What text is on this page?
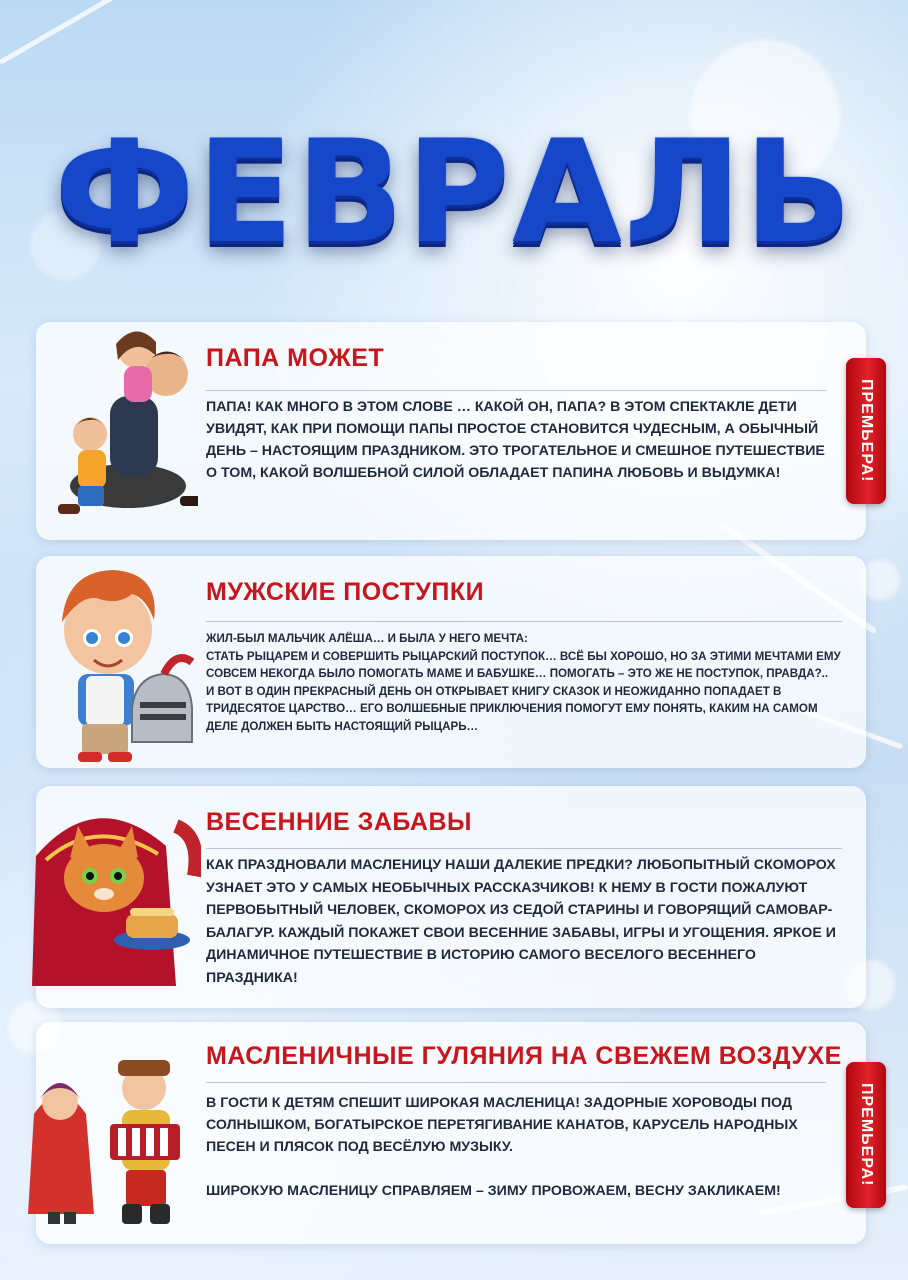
ФЕВРАЛЬ
ПАПА МОЖЕТ
ПАПА! КАК МНОГО В ЭТОМ СЛОВЕ … КАКОЙ ОН, ПАПА? В ЭТОМ СПЕКТАКЛЕ ДЕТИ УВИДЯТ, КАК ПРИ ПОМОЩИ ПАПЫ ПРОСТОЕ СТАНОВИТСЯ ЧУДЕСНЫМ, А ОБЫЧНЫЙ ДЕНЬ – НАСТОЯЩИМ ПРАЗДНИКОМ. ЭТО ТРОГАТЕЛЬНОЕ И СМЕШНОЕ ПУТЕШЕСТВИЕ О ТОМ, КАКОЙ ВОЛШЕБНОЙ СИЛОЙ ОБЛАДАЕТ ПАПИНА ЛЮБОВЬ И ВЫДУМКА!	ПРЕМЬЕРА!
МУЖСКИЕ ПОСТУПКИ
ЖИЛ-БЫЛ МАЛЬЧИК АЛЁША… И БЫЛА У НЕГО МЕЧТА:
СТАТЬ РЫЦАРЕМ И СОВЕРШИТЬ РЫЦАРСКИЙ ПОСТУПОК… ВСЁ БЫ ХОРОШО, НО ЗА ЭТИМИ МЕЧТАМИ ЕМУ СОВСЕМ НЕКОГДА БЫЛО ПОМОГАТЬ МАМЕ И БАБУШКЕ… ПОМОГАТЬ – ЭТО ЖЕ НЕ ПОСТУПОК, ПРАВДА?..
И ВОТ В ОДИН ПРЕКРАСНЫЙ ДЕНЬ ОН ОТКРЫВАЕТ КНИГУ СКАЗОК И НЕОЖИДАННО ПОПАДАЕТ В ТРИДЕСЯТОЕ ЦАРСТВО… ЕГО ВОЛШЕБНЫЕ ПРИКЛЮЧЕНИЯ ПОМОГУТ ЕМУ ПОНЯТЬ, КАКИМ НА САМОМ ДЕЛЕ ДОЛЖЕН БЫТЬ НАСТОЯЩИЙ РЫЦАРЬ…
ВЕСЕННИЕ ЗАБАВЫ
КАК ПРАЗДНОВАЛИ МАСЛЕНИЦУ НАШИ ДАЛЕКИЕ ПРЕДКИ? ЛЮБОПЫТНЫЙ СКОМОРОХ УЗНАЕТ ЭТО У САМЫХ НЕОБЫЧНЫХ РАССКАЗЧИКОВ! К НЕМУ В ГОСТИ ПОЖАЛУЮТ ПЕРВОБЫТНЫЙ ЧЕЛОВЕК, СКОМОРОХ ИЗ СЕДОЙ СТАРИНЫ И ГОВОРЯЩИЙ САМОВАР-БАЛАГУР. КАЖДЫЙ ПОКАЖЕТ СВОИ ВЕСЕННИЕ ЗАБАВЫ, ИГРЫ И УГОЩЕНИЯ. ЯРКОЕ И ДИНАМИЧНОЕ ПУТЕШЕСТВИЕ В ИСТОРИЮ САМОГО ВЕСЕЛОГО ВЕСЕННЕГО ПРАЗДНИКА!
МАСЛЕНИЧНЫЕ ГУЛЯНИЯ НА СВЕЖЕМ ВОЗДУХЕ
В ГОСТИ К ДЕТЯМ СПЕШИТ ШИРОКАЯ МАСЛЕНИЦА! ЗАДОРНЫЕ ХОРОВОДЫ ПОД СОЛНЫШКОМ, БОГАТЫРСКОЕ ПЕРЕТЯГИВАНИЕ КАНАТОВ, КАРУСЕЛЬ НАРОДНЫХ ПЕСЕН И ПЛЯСОК ПОД ВЕСЁЛУЮ МУЗЫКУ.

ШИРОКУЮ МАСЛЕНИЦУ СПРАВЛЯЕМ – ЗИМУ ПРОВОЖАЕМ, ВЕСНУ ЗАКЛИКАЕМ!
ПРЕМЬЕРА!
